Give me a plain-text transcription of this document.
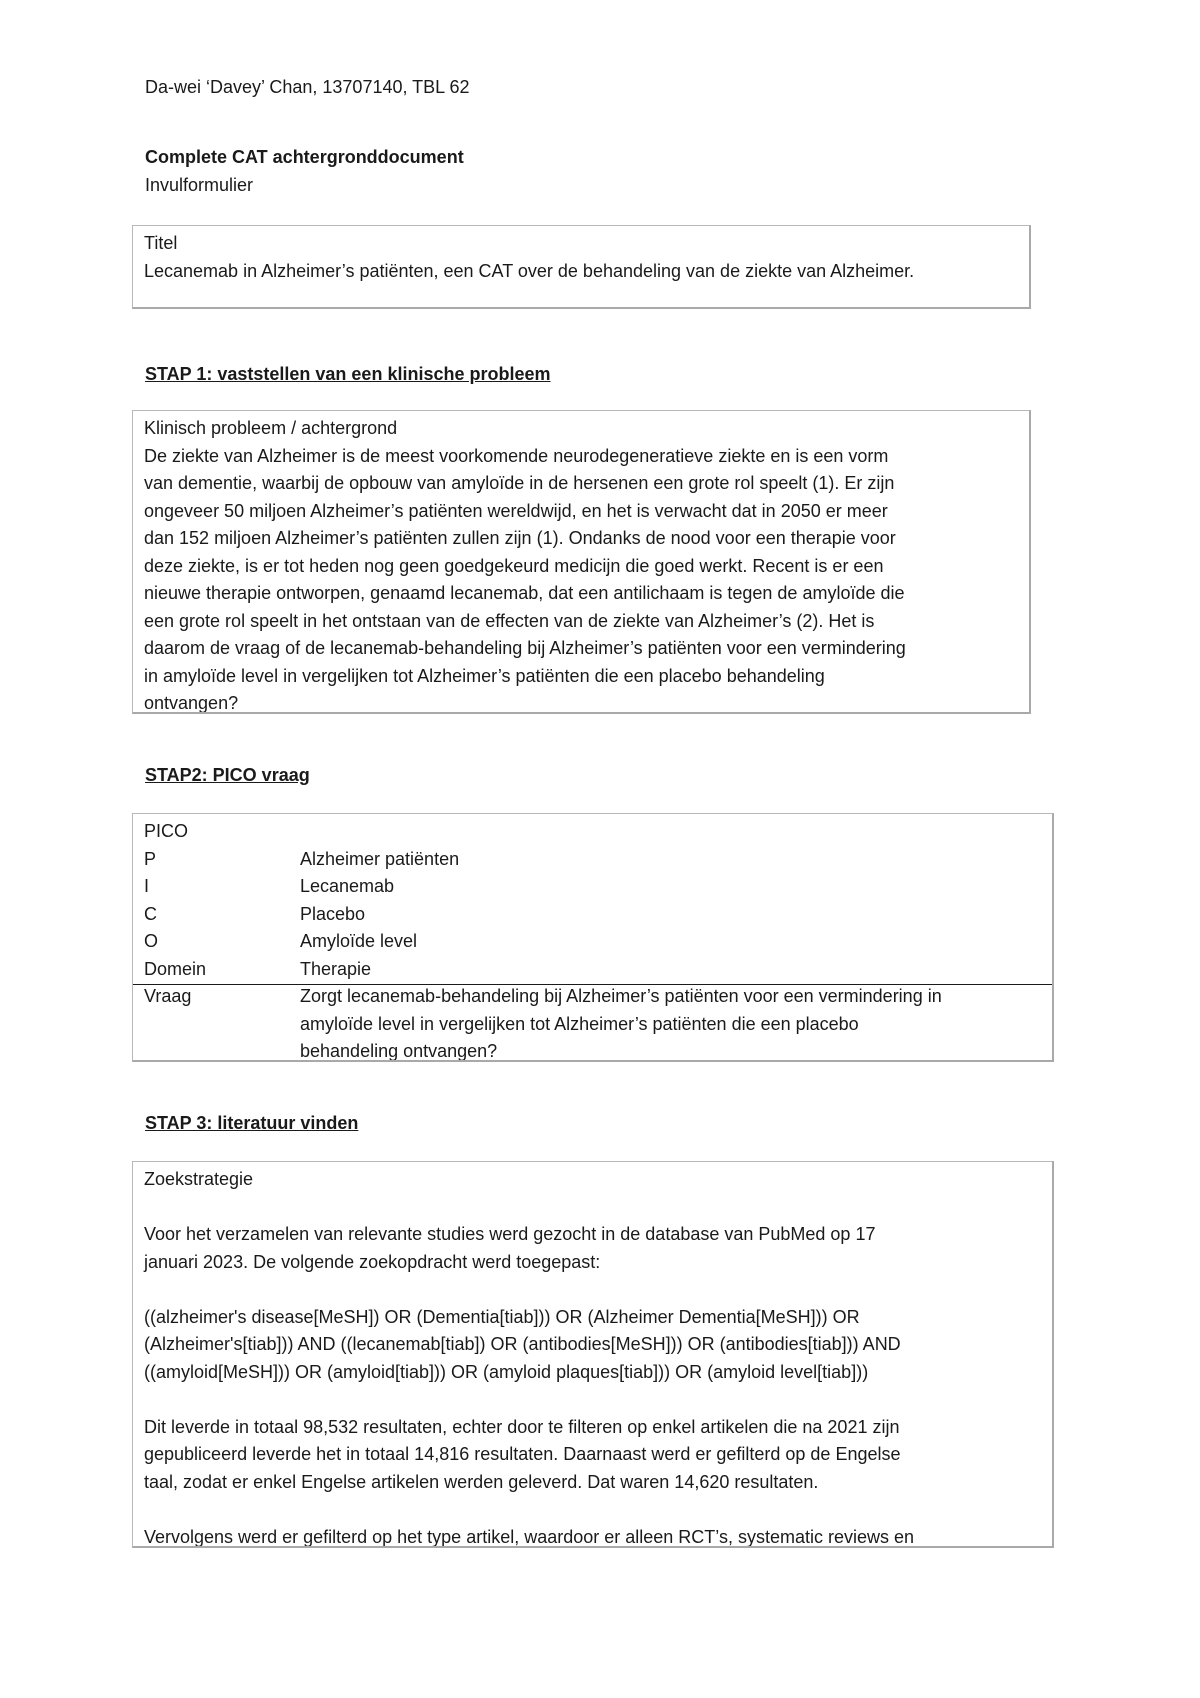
Da-wei ‘Davey’ Chan, 13707140, TBL 62
Complete CAT achtergronddocument
Invulformulier
Titel
Lecanemab in Alzheimer’s patiënten, een CAT over de behandeling van de ziekte van Alzheimer.
STAP 1: vaststellen van een klinische probleem
Klinisch probleem / achtergrond
De ziekte van Alzheimer is de meest voorkomende neurodegeneratieve ziekte en is een vorm
van dementie, waarbij de opbouw van amyloïde in de hersenen een grote rol speelt (1). Er zijn
ongeveer 50 miljoen Alzheimer’s patiënten wereldwijd, en het is verwacht dat in 2050 er meer
dan 152 miljoen Alzheimer’s patiënten zullen zijn (1). Ondanks de nood voor een therapie voor
deze ziekte, is er tot heden nog geen goedgekeurd medicijn die goed werkt. Recent is er een
nieuwe therapie ontworpen, genaamd lecanemab, dat een antilichaam is tegen de amyloïde die
een grote rol speelt in het ontstaan van de effecten van de ziekte van Alzheimer’s (2). Het is
daarom de vraag of de lecanemab-behandeling bij Alzheimer’s patiënten voor een vermindering
in amyloïde level in vergelijken tot Alzheimer’s patiënten die een placebo behandeling
ontvangen?
STAP2: PICO vraag
PICO
P	Alzheimer patiënten
I	Lecanemab
C	Placebo
O	Amyloïde level
Domein	Therapie
Vraag	Zorgt lecanemab-behandeling bij Alzheimer’s patiënten voor een vermindering in
amyloïde level in vergelijken tot Alzheimer’s patiënten die een placebo
behandeling ontvangen?
STAP 3: literatuur vinden
Zoekstrategie
Voor het verzamelen van relevante studies werd gezocht in de database van PubMed op 17
januari 2023. De volgende zoekopdracht werd toegepast:
((alzheimer's disease[MeSH]) OR (Dementia[tiab])) OR (Alzheimer Dementia[MeSH])) OR
(Alzheimer's[tiab])) AND ((lecanemab[tiab]) OR (antibodies[MeSH])) OR (antibodies[tiab])) AND
((amyloid[MeSH])) OR (amyloid[tiab])) OR (amyloid plaques[tiab])) OR (amyloid level[tiab]))
Dit leverde in totaal 98,532 resultaten, echter door te filteren op enkel artikelen die na 2021 zijn
gepubliceerd leverde het in totaal 14,816 resultaten. Daarnaast werd er gefilterd op de Engelse
taal, zodat er enkel Engelse artikelen werden geleverd. Dat waren 14,620 resultaten.
Vervolgens werd er gefilterd op het type artikel, waardoor er alleen RCT’s, systematic reviews en
